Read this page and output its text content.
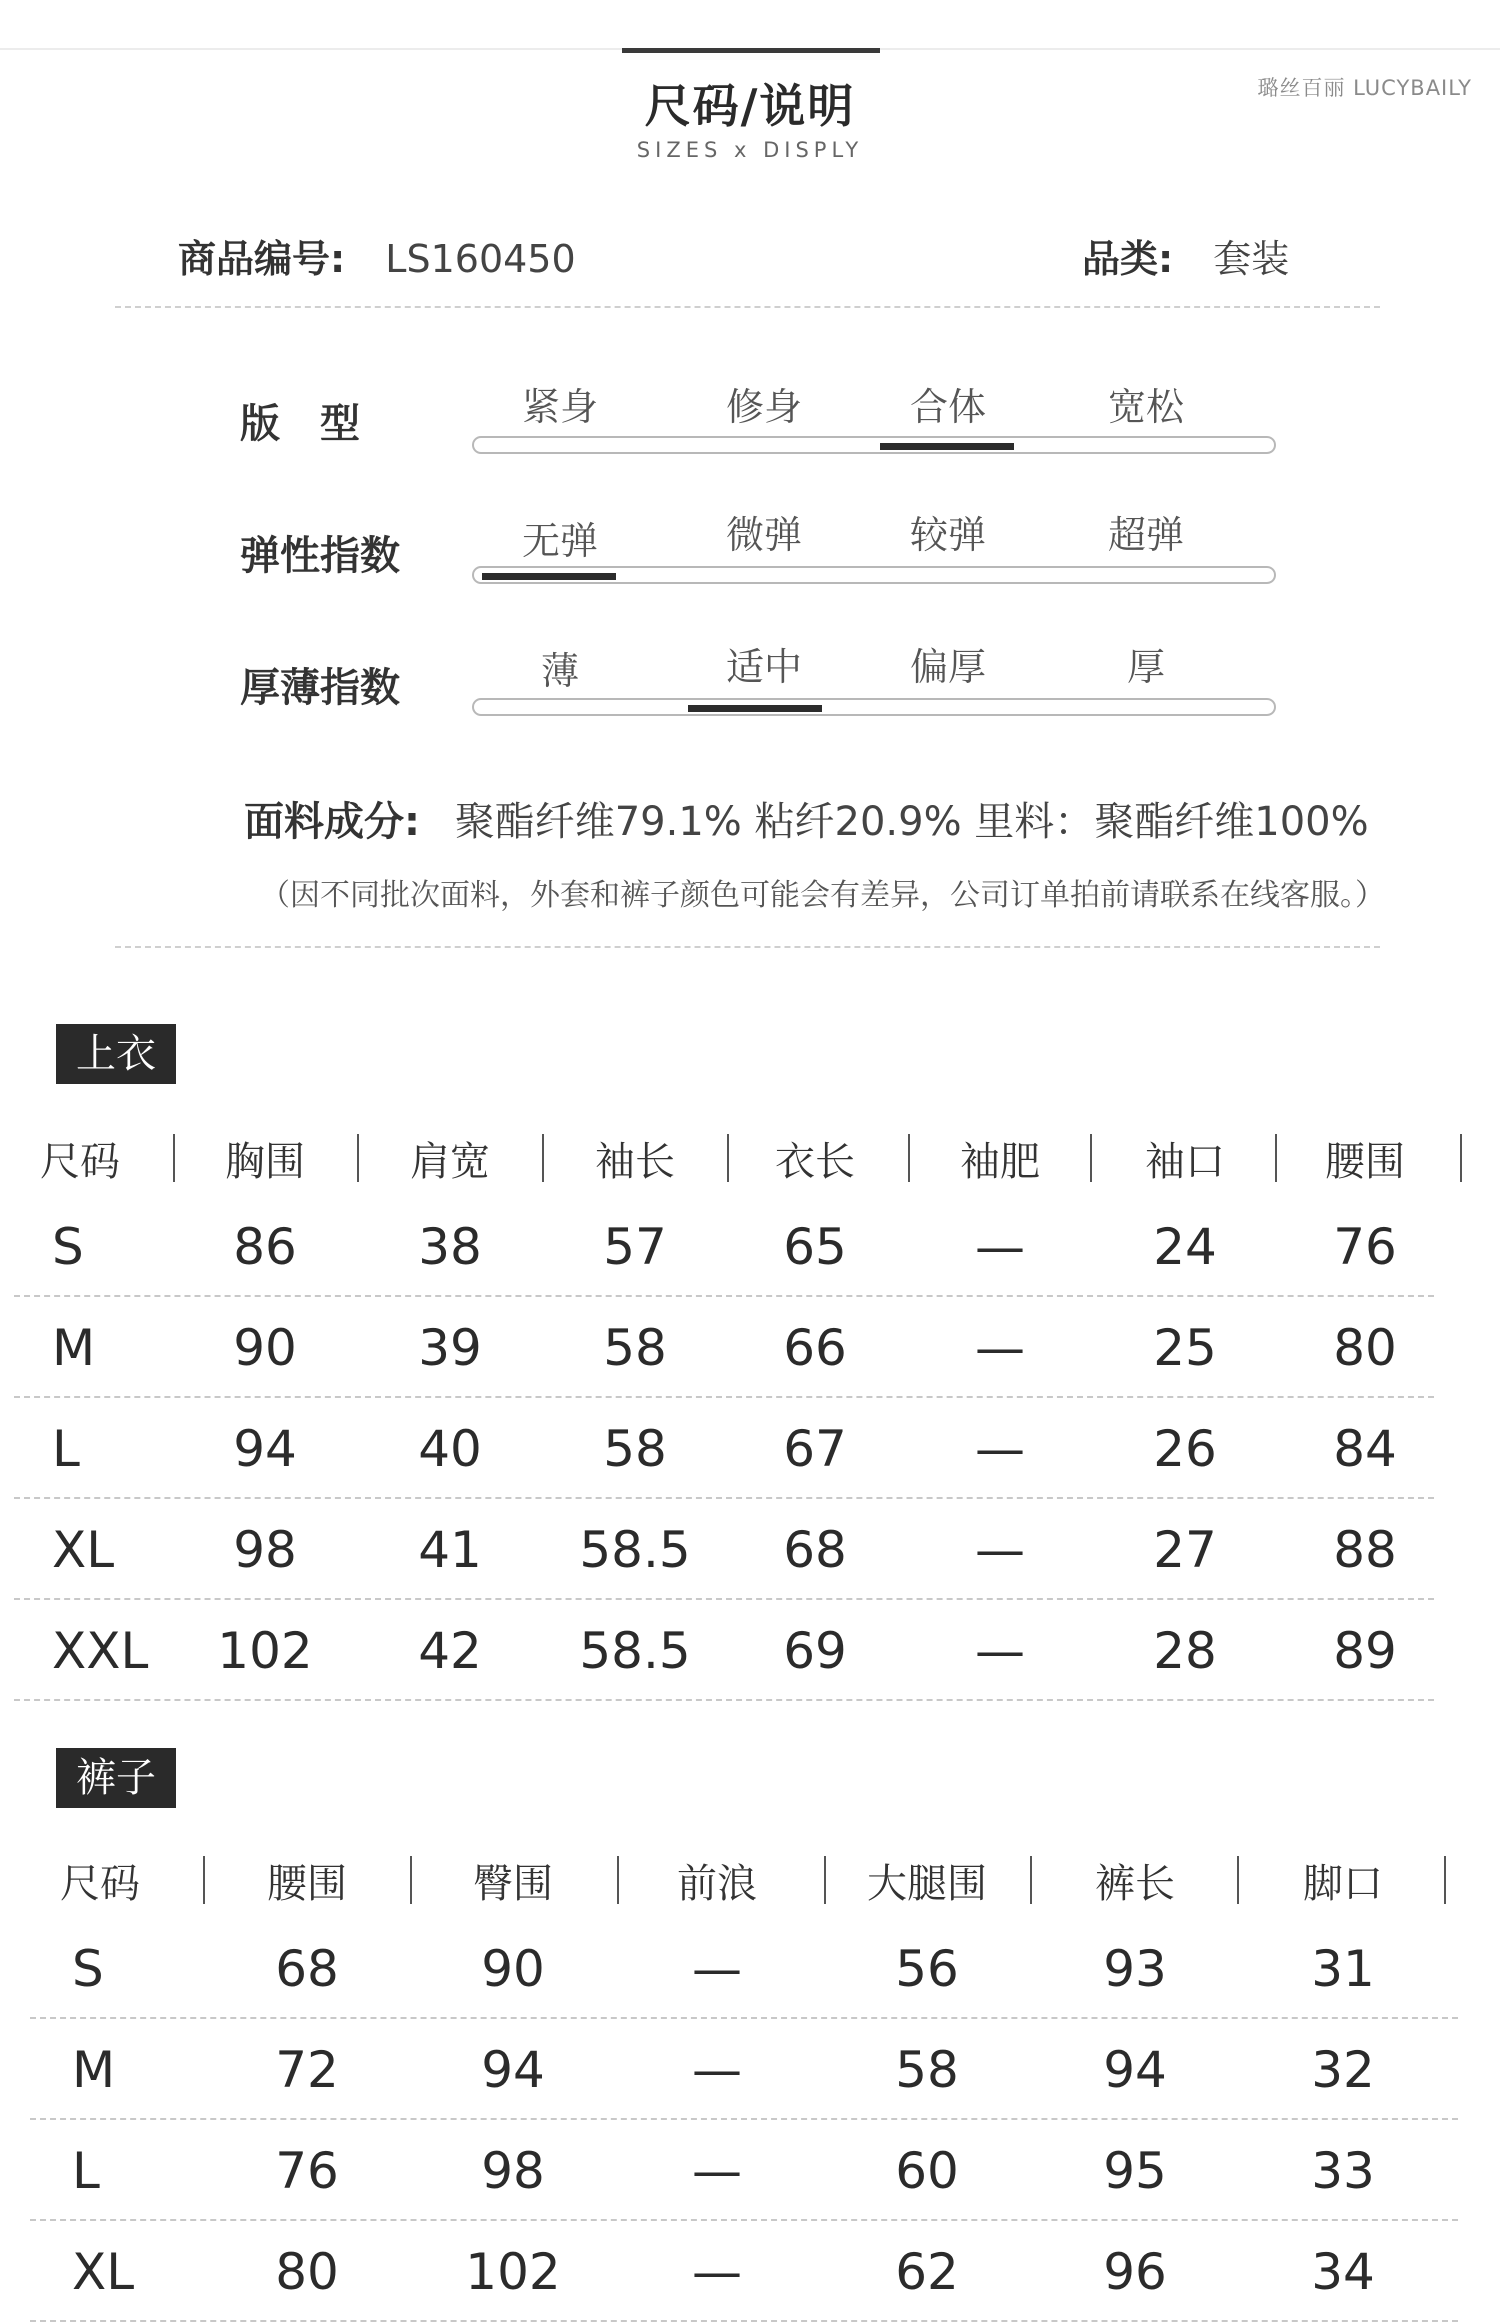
尺码/说明
SIZES x DISPLY
璐丝百丽 LUCYBAILY
商品编号: LS160450	品类: 套装
版　型	紧身	修身	合体	宽松
弹性指数	无弹	微弹	较弹	超弹
厚薄指数	薄	适中	偏厚	厚
面料成分: 聚酯纤维79.1% 粘纤20.9% 里料：聚酯纤维100%
（因不同批次面料，外套和裤子颜色可能会有差异，公司订单拍前请联系在线客服。）
上衣
尺码	胸围	肩宽	袖长	衣长	袖肥	袖口	腰围
S	86	38	57	65	—	24	76
M	90	39	58	66	—	25	80
L	94	40	58	67	—	26	84
XL	98	41	58.5	68	—	27	88
XXL	102	42	58.5	69	—	28	89
裤子
尺码	腰围	臀围	前浪	大腿围	裤长	脚口
S	68	90	—	56	93	31
M	72	94	—	58	94	32
L	76	98	—	60	95	33
XL	80	102	—	62	96	34
